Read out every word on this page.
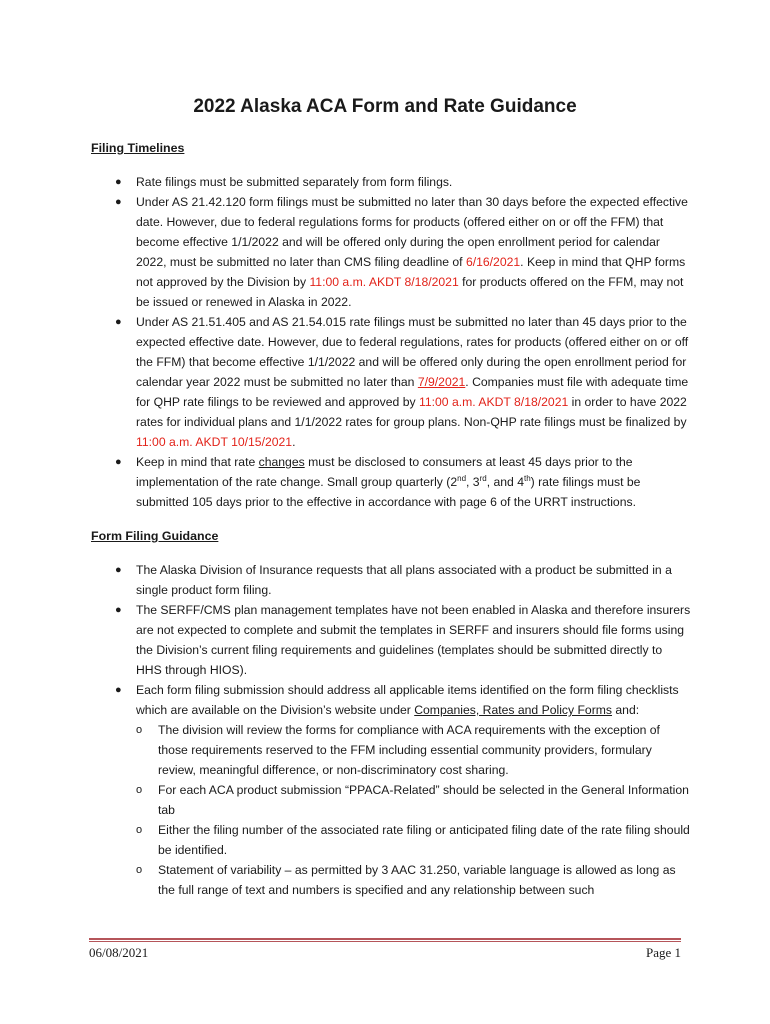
2022 Alaska ACA Form and Rate Guidance
Filing Timelines
● Rate filings must be submitted separately from form filings.
● Under AS 21.42.120 form filings must be submitted no later than 30 days before the expected effective date. However, due to federal regulations forms for products (offered either on or off the FFM) that become effective 1/1/2022 and will be offered only during the open enrollment period for calendar 2022, must be submitted no later than CMS filing deadline of 6/16/2021. Keep in mind that QHP forms not approved by the Division by 11:00 a.m. AKDT 8/18/2021 for products offered on the FFM, may not be issued or renewed in Alaska in 2022.
● Under AS 21.51.405 and AS 21.54.015 rate filings must be submitted no later than 45 days prior to the expected effective date. However, due to federal regulations, rates for products (offered either on or off the FFM) that become effective 1/1/2022 and will be offered only during the open enrollment period for calendar year 2022 must be submitted no later than 7/9/2021. Companies must file with adequate time for QHP rate filings to be reviewed and approved by 11:00 a.m. AKDT 8/18/2021 in order to have 2022 rates for individual plans and 1/1/2022 rates for group plans. Non-QHP rate filings must be finalized by 11:00 a.m. AKDT 10/15/2021.
● Keep in mind that rate changes must be disclosed to consumers at least 45 days prior to the implementation of the rate change. Small group quarterly (2nd, 3rd, and 4th) rate filings must be submitted 105 days prior to the effective in accordance with page 6 of the URRT instructions.
Form Filing Guidance
● The Alaska Division of Insurance requests that all plans associated with a product be submitted in a single product form filing.
● The SERFF/CMS plan management templates have not been enabled in Alaska and therefore insurers are not expected to complete and submit the templates in SERFF and insurers should file forms using the Division’s current filing requirements and guidelines (templates should be submitted directly to HHS through HIOS).
● Each form filing submission should address all applicable items identified on the form filing checklists which are available on the Division’s website under Companies, Rates and Policy Forms and:
o The division will review the forms for compliance with ACA requirements with the exception of those requirements reserved to the FFM including essential community providers, formulary review, meaningful difference, or non-discriminatory cost sharing.
o For each ACA product submission “PPACA-Related” should be selected in the General Information tab
o Either the filing number of the associated rate filing or anticipated filing date of the rate filing should be identified.
o Statement of variability – as permitted by 3 AAC 31.250, variable language is allowed as long as the full range of text and numbers is specified and any relationship between such
06/08/2021	Page 1
